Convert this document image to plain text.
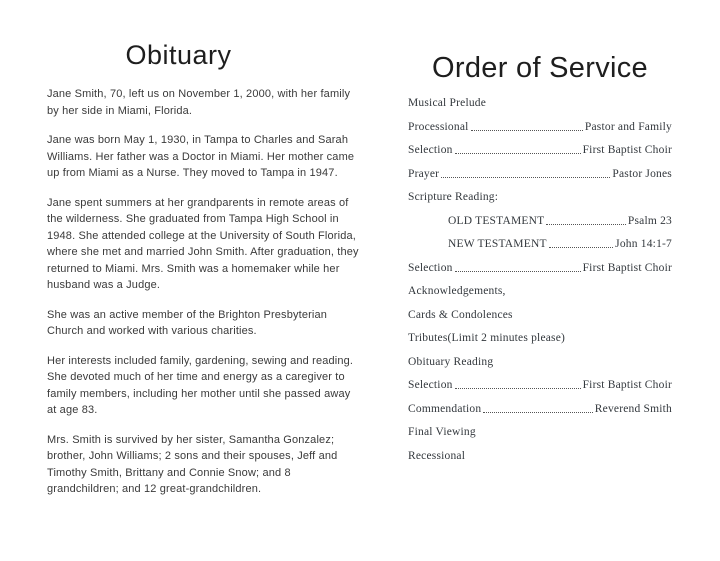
Obituary

Jane Smith, 70, left us on November 1, 2000, with her family by her side in Miami, Florida.

Jane was born May 1, 1930, in Tampa to Charles and Sarah Williams. Her father was a Doctor in Miami. Her mother came up from Miami as a Nurse. They moved to Tampa in 1947.

Jane spent summers at her grandparents in remote areas of the wilderness. She graduated from Tampa High School in 1948. She attended college at the University of South Florida, where she met and married John Smith. After graduation, they returned to Miami. Mrs. Smith was a homemaker while her husband was a Judge.

She was an active member of the Brighton Presbyterian Church and worked with various charities.

Her interests included family, gardening, sewing and reading. She devoted much of her time and energy as a caregiver to family members, including her mother until she passed away at age 83.

Mrs. Smith is survived by her sister, Samantha Gonzalez; brother, John Williams; 2 sons and their spouses, Jeff and Timothy Smith, Brittany and Connie Snow; and 8 grandchildren; and 12 great-grandchildren.

Order of Service
Musical Prelude
Processional	Pastor and Family
Selection	First Baptist Choir
Prayer	Pastor Jones
Scripture Reading:
OLD TESTAMENT	Psalm 23
NEW TESTAMENT	John 14:1-7
Selection	First Baptist Choir
Acknowledgements,
Cards & Condolences
Tributes(Limit 2 minutes please)
Obituary Reading
Selection	First Baptist Choir
Commendation	Reverend Smith
Final Viewing
Recessional
